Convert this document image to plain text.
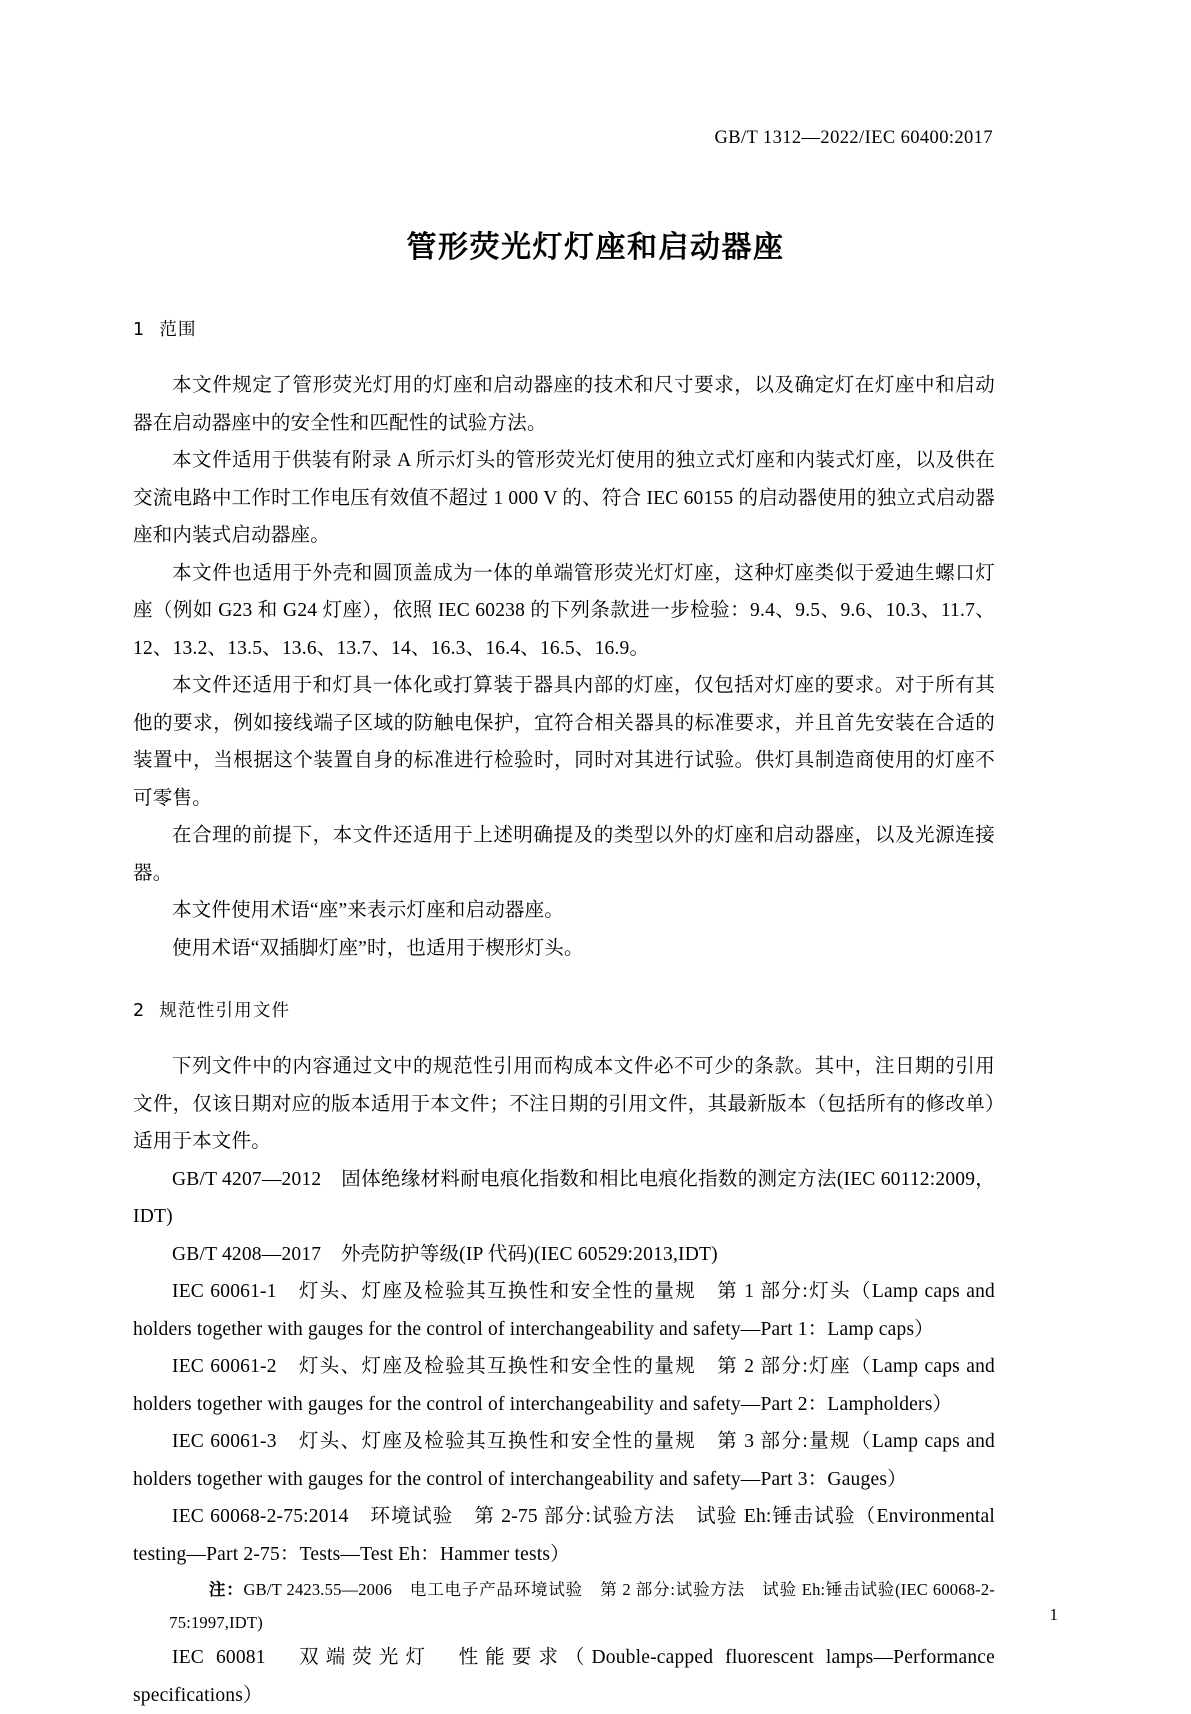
GB/T 1312—2022/IEC 60400:2017
管形荧光灯灯座和启动器座
1 范围

本文件规定了管形荧光灯用的灯座和启动器座的技术和尺寸要求，以及确定灯在灯座中和启动器在启动器座中的安全性和匹配性的试验方法。

本文件适用于供装有附录 A 所示灯头的管形荧光灯使用的独立式灯座和内装式灯座，以及供在交流电路中工作时工作电压有效值不超过 1 000 V 的、符合 IEC 60155 的启动器使用的独立式启动器座和内装式启动器座。

本文件也适用于外壳和圆顶盖成为一体的单端管形荧光灯灯座，这种灯座类似于爱迪生螺口灯座（例如 G23 和 G24 灯座），依照 IEC 60238 的下列条款进一步检验：9.4、9.5、9.6、10.3、11.7、12、13.2、13.5、13.6、13.7、14、16.3、16.4、16.5、16.9。

本文件还适用于和灯具一体化或打算装于器具内部的灯座，仅包括对灯座的要求。对于所有其他的要求，例如接线端子区域的防触电保护，宜符合相关器具的标准要求，并且首先安装在合适的装置中，当根据这个装置自身的标准进行检验时，同时对其进行试验。供灯具制造商使用的灯座不可零售。

在合理的前提下，本文件还适用于上述明确提及的类型以外的灯座和启动器座，以及光源连接器。

本文件使用术语“座”来表示灯座和启动器座。

使用术语“双插脚灯座”时，也适用于楔形灯头。

2 规范性引用文件

下列文件中的内容通过文中的规范性引用而构成本文件必不可少的条款。其中，注日期的引用文件，仅该日期对应的版本适用于本文件；不注日期的引用文件，其最新版本（包括所有的修改单）适用于本文件。

GB/T 4207—2012　固体绝缘材料耐电痕化指数和相比电痕化指数的测定方法(IEC 60112:2009，IDT)

GB/T 4208—2017　外壳防护等级(IP 代码)(IEC 60529:2013,IDT)

IEC 60061-1　灯头、灯座及检验其互换性和安全性的量规　第 1 部分:灯头（Lamp caps and holders together with gauges for the control of interchangeability and safety—Part 1：Lamp caps）

IEC 60061-2　灯头、灯座及检验其互换性和安全性的量规　第 2 部分:灯座（Lamp caps and holders together with gauges for the control of interchangeability and safety—Part 2：Lampholders）

IEC 60061-3　灯头、灯座及检验其互换性和安全性的量规　第 3 部分:量规（Lamp caps and holders together with gauges for the control of interchangeability and safety—Part 3：Gauges）

IEC 60068-2-75:2014　环境试验　第 2-75 部分:试验方法　试验 Eh:锤击试验（Environmental testing—Part 2-75：Tests—Test Eh：Hammer tests）

注：GB/T 2423.55—2006　电工电子产品环境试验　第 2 部分:试验方法　试验 Eh:锤击试验(IEC 60068-2-75:1997,IDT)

IEC 60081　双端荧光灯　性能要求（Double-capped fluorescent lamps—Performance specifications）

1
